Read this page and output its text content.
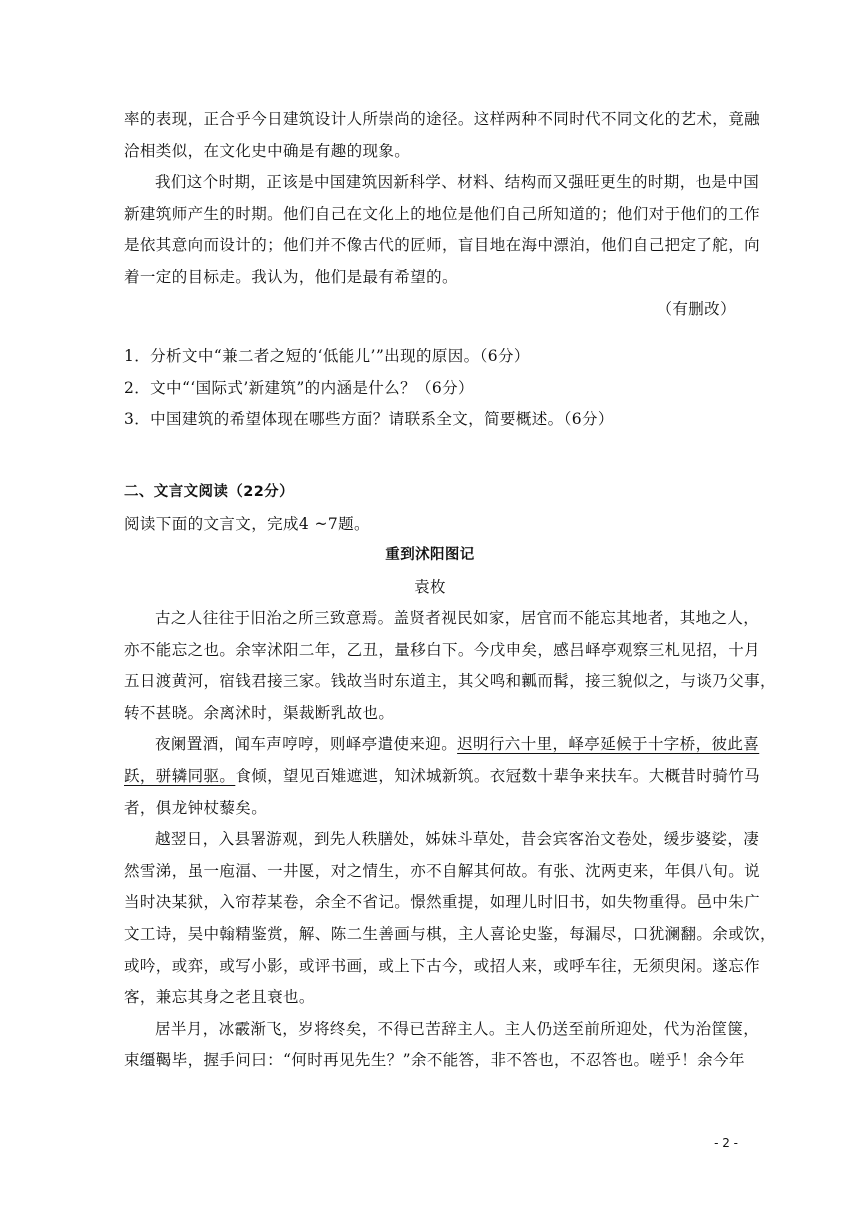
率的表现，正合乎今日建筑设计人所崇尚的途径。这样两种不同时代不同文化的艺术，竟融
洽相类似，在文化史中确是有趣的现象。
我们这个时期，正该是中国建筑因新科学、材料、结构而又强旺更生的时期，也是中国
新建筑师产生的时期。他们自己在文化上的地位是他们自己所知道的；他们对于他们的工作
是依其意向而设计的；他们并不像古代的匠师，盲目地在海中漂泊，他们自己把定了舵，向
着一定的目标走。我认为，他们是最有希望的。
（有删改）
1．分析文中“兼二者之短的‘低能儿’”出现的原因。（6分）
2．文中“‘国际式’新建筑”的内涵是什么？（6分）
3．中国建筑的希望体现在哪些方面？请联系全文，简要概述。（6分）
二、文言文阅读（22分）
阅读下面的文言文，完成4 ~7题。
重到沭阳图记
袁枚
古之人往往于旧治之所三致意焉。盖贤者视民如家，居官而不能忘其地者，其地之人，
亦不能忘之也。余宰沭阳二年，乙丑，量移白下。今戊申矣，感吕峄亭观察三札见招，十月
五日渡黄河，宿钱君接三家。钱故当时东道主，其父鸣和瓤而髯，接三貌似之，与谈乃父事，
转不甚晓。余离沭时，渠裁断乳故也。
夜阑置酒，闻车声哼哼，则峄亭遣使来迎。迟明行六十里，峄亭延候于十字桥，彼此喜
跃，骈辚同驱。食倾，望见百雉遮迣，知沭城新筑。衣冠数十辈争来扶车。大概昔时骑竹马
者，俱龙钟杖藜矣。
越翌日，入县署游观，到先人秩膳处，姊妹斗草处，昔会宾客治文卷处，缓步婆娑，凄
然雪涕，虽一庖湢、一井匽，对之情生，亦不自解其何故。有张、沈两吏来，年俱八旬。说
当时决某狱，入帘荐某卷，余全不省记。憬然重提，如理儿时旧书，如失物重得。邑中朱广
文工诗，吴中翰精鉴赏，解、陈二生善画与棋，主人喜论史鉴，每漏尽，口犹澜翻。余或饮，
或吟，或弈，或写小影，或评书画，或上下古今，或招人来，或呼车往，无须臾闲。遂忘作
客，兼忘其身之老且衰也。
居半月，冰霰渐飞，岁将终矣，不得已苦辞主人。主人仍送至前所迎处，代为治筐箧，
束缰鞨毕，握手问曰：“何时再见先生？”余不能答，非不答也，不忍答也。嗟乎！余今年
- 2 -
